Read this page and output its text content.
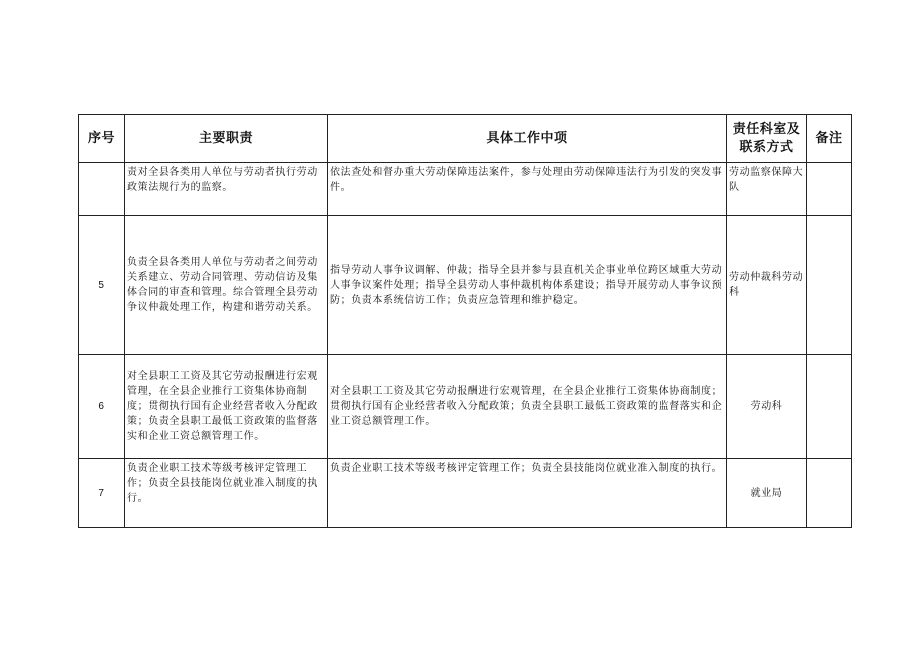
序号	主要职责	具体工作中项	责任科室及联系方式	备注
	责对全县各类用人单位与劳动者执行劳动政策法规行为的监察。	依法查处和督办重大劳动保障违法案件，参与处理由劳动保障违法行为引发的突发事件。	劳动监察保障大队	
5	负责全县各类用人单位与劳动者之间劳动关系建立、劳动合同管理、劳动信访及集体合同的审查和管理。综合管理全县劳动争议仲裁处理工作，构建和谐劳动关系。	指导劳动人事争议调解、仲裁；指导全县并参与县直机关企事业单位跨区域重大劳动人事争议案件处理；指导全县劳动人事仲裁机构体系建设；指导开展劳动人事争议预防；负责本系统信访工作；负责应急管理和维护稳定。	劳动仲裁科劳动科	
6	对全县职工工资及其它劳动报酬进行宏观管理，在全县企业推行工资集体协商制度；贯彻执行国有企业经营者收入分配政策；负责全县职工最低工资政策的监督落实和企业工资总额管理工作。	对全县职工工资及其它劳动报酬进行宏观管理，在全县企业推行工资集体协商制度；贯彻执行国有企业经营者收入分配政策；负责全县职工最低工资政策的监督落实和企业工资总额管理工作。	劳动科	
7	负责企业职工技术等级考核评定管理工作；负责全县技能岗位就业准入制度的执行。	负责企业职工技术等级考核评定管理工作；负责全县技能岗位就业准入制度的执行。	就业局	
